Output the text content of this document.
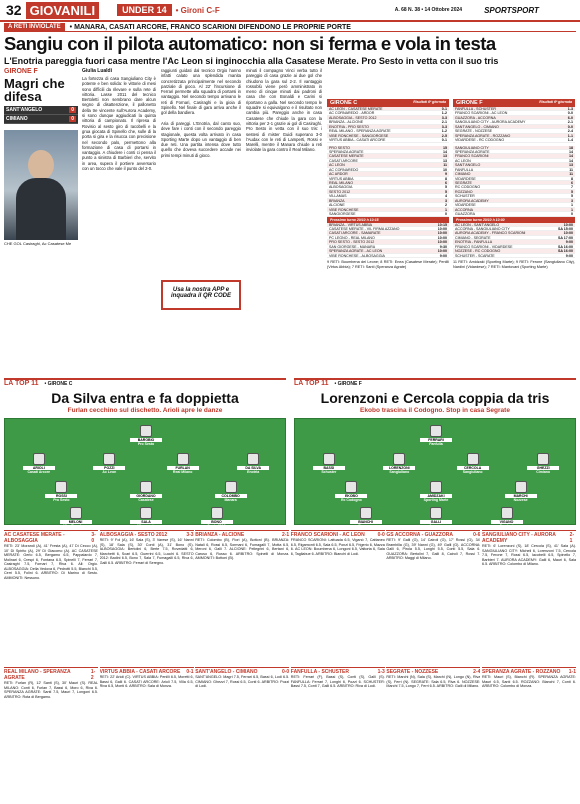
32 GIOVANILI	UNDER 14	• Gironi C-F	A. 68 N. 38 • 14 Ottobre 2024	SPORTSPORT
A RETI INVIOLATE	• MANARA, CASATI ARCORE, FRANCO SCARIONI DIFENDONO LE PROPRIE PORTE
Sangiu con il pilota automatico: non si ferma e vola in testa
L'Enotria pareggia fuori casa mentre l'Ac Leon si inginocchia alla Casatese Merate. Pro Sesto in vetta con il suo tris
GIRONE F
Magri che difesa
SANT'ANGELO	0
CIMIANO	0
CHE GOL Casiraghi, Ac Casatese Me
Giulia Lualdi
La fortezza di casa Sangiuliano City è potente e ben solida: le vittorie di mesi sono difficili da rilevare e sulla rete di vittoria. Lasse 2011 del tecnico Bertoletti non sembrano dare alcun segno di disattenzione, il pallonetto della tre vincente sull'Aurora Academy, si sono dunque aggiudicati la quinta vittoria di campionato. Il ripresa di Rovisio al sesto giro di Iacobelli e la grua giocata di Spinello che, sulle di la porta si gira e la risucca con precisione nel secondo palo, permettono alla formazione di casa di portarsi in vantaggio. A chiudere i conti ci pensa il punto a sinistra di Barbieri che, servito in area, supera il portiere avversario con un tocco che vale il punto del 2-0.
raggiunti guidati dal tecnico Orgio hanno infatti calato una splendida manita concretizzata principalmente nel secondo parziale di gioco. Al 22' l'incursione di Ferrari permette alla squadra di portarsi in vantaggio. Nel secondo tempo arrivano le reti di Fornari, Casiraghi e la gioia di Spinello. Nel finale di gara arriva anche il gol della bandiera.

Aria di pareggi. L'Enotria, dal canto suo, deve fare i conti con il secondo pareggio stagionale, questa volta arrivato in casa Sporting Marte dopo un vantaggio di ben due reti. Una partita intensa dove tutto quello che doveva succedere accade nei primi tempi minuti di gioco.
Usa la nostra APP e inquadra il QR CODE
minuti il compagno Vinci verba tutto il pareggio di casa grazie ai due gol che chiudono la gara sul 2-2. Il vantaggio rossoblù viene però amministrato in meno di cinque minuti dai padroni di casa che con Bonaldi e Carini si riportano a galla. Nel secondo tempo le squadre si equivalgono e il risultato non cambia più. Pareggio anche in casa Casatese che chiude la gara con la vittoria per 2-1 grazie ai gol di Casiraghi. Pro Sesto in vetta con il suo tris: i sestesi di mister Guidi superano 3-0 l'Audax con le reti di Lamperti, Rossi e Marelli, mentre il Manara chiude a reti inviolate la gara contro il Real Milano.
GIRONE C	Risultati 6ª giornata
AC LEON - CASATESE MERATE	0-1
AC CORNAREDO - ARDOR	1-2
ALBOSAGGIA - SESTO 2012	3-3
BRIANZA - ALCIONE	2-1
ENOTRIA - PRO SESTO	3-3
REAL MILANO - SPERANZA AGRATE	1-2
VIBE RONCHESE - SANGIORGESE	2-5
VIRTUS ABBIA - CASATI ARCORE	0-1
PRO SESTO	15
SPERANZA AGRATE	14
CASATESE MERATE	13
CASATI ARCORE	13
AC LEON	11
AC CORNAREDO	10
AC ARDOR	9
VIRTUS ABBIA	8
REAL MILANO	6
ALBOSAGGIA	5
SESTO 2012	5
VILLAMAS	4
BRIANZA	3
ALCIONE	2
VIBE RONCHESE	1
SANGIORGESE	0
Prossimo turno 20/10 h 10:15
BRIANZA - VIRTUS ABBIA	10:15
CASATESE MERATE - VIL FIRMA AZZANO	10:00
CASATI ARCORE - SAMARATE	10:00
PC LEGNO - REAL MILANO	10:00
PRO SESTO - SESTO 2012	10:00
SAN GIORGESE - MANARA	9:30
SPERANZA AGRATE - AC LEON	10:00
VIBE RONCHESE - ALBOSAGGIA	9:00
9 RETI: Boumbena del Leone; 8 RETI: Enea (Casatese Merate); Penilli (Virtus Abbia); 7 RETI: Santi (Speranza Agrate)
GIRONE F	Risultati 6ª giornata
FANFULLA - SCHUSTER	1-3
FRANCO SCARIONI - AC LEON	0-0
GUAZZORA - ACCORNA	6-0
SANGIULIANO CITY - AURORA ACADEMY	2-1
SANT'ANGELO - CIMIANO	0-0
SEGRATE - NOZZESE	2-4
SPERANZA AGRATE - ROZZANO	1-1
VIDARDESE - RC CODOGNO	1-4
SANGIULIANO CITY	18
SPERANZA AGRATE	14
FRANCO SCARIONI	14
AC LEON	14
SANT'ANGELO	13
FANFULLA	11
CIMIANO	11
VIDARDESE	8
SEGRATE	6
RC CODOGNO	7
ROZZANO	5
SCHUSTER	5
AURORA ACADEMY	3
VIDARDESE	1
ACCORNA	1
GUAZZORA	0
Prossimo turno 20/10 h 10:00
AC LEON - SANT'ANGELO	10:00
ACCORNA - SANGIULIANO CITY	SA 15:00
AURORA ACADEMY - FRANCO SCARIONI	10:00
CIMIANO - SEGRATE	SA 17:00
ENOTRIA - FANFULLA	9:00
FRANCO SCARIONI - VIDARDESE	SA 16:00
NOZZESE - RC CODOGNO	SA 16:00
SCHUSTER - SCARATE	9:00
11 RETI: Amidzaki (Sporting Marte); 9 RETI: Ferone (Sangiuliano City), Nardini (Vidardese); 7 RETI: Mantovani (Sporting Marte)
LA TOP 11 • GIRONE C
Da Silva entra e fa doppietta
Furlan cecchino sul dischetto. Arioli apre le danze
BAROBIO
Pro Sesto
ARIOLI
Casati Arcore
POZZI
Ac Leon
FURLAN
Real Milano
DA SILVA
Enotria
ROSSI
Pro Sesto
GIORDANO
Casatese
COLOMBO
Manara
MELONI
Vibe Ronchese
SALA
Albosaggia
BONO
Sesto 2012
LA TOP 11 • GIRONE F
Lorenzoni e Cercola coppia da tris
Ekobo trascina il Codogno. Stop in casa Segrate
FERRARI
Fanfulla
BASSI
Schuster
LORENZONI
Sangiuliano
CERCOLA
Sangiuliano
GHEZZI
Cimiano
EKOBO
Rc Codogno
AMIDZAKI
Sporting Marte
MARCHI
Nozzese
BIANCHI
Rozzano
GALLI
Accorna
VIGANO
Scarioni
AC CASATESE MERATE - ALBOSAGGIA
3-0
RETI: 23' Morandi (A), 41' Fresta (A), 47 Di Cecco (A), 10' Di Spirito (A), 29' Di Giacomo (A). AC CASATESE MERATE: Gerlo 6.5, Bergamo 6.5, Pappalardo 7, Molinari 6, Crespi 6, Fontana 6.5, Spinelli 7, Ferrari 7, Casiraghi 7.5, Fornari 7, Riva 6. All: Orgio. ALBOSAGGIA: Della Vedova 6, Pedrotti 5.5, Bianchi 5.5, Cerri 5.5, Folini 6. ARBITRO: Di Marino di Sesto. AMMONITI: Nessuno.
ALBOSAGGIA - SESTO 2012	3-3
RETI: 9' Fol (A), 16' Sala (S), 3' Varese (S), 16' Nanni (S), 18' Sala (S), 30' Conti (A), 31' Bono (S). ALBOSAGGIA: Bertolini 6, Berte 7.5, Rovedatti 6, Marchetti 6, Scari 6.5, Guerrini 6.5, Lucchi 6. SESTO 2012: Badini 6.5, Bono 7, Sala 7, Fumagalli 6.5, Riva 6, Galli 6.5. ARBITRO: Ferrari di Seregno.
BRIANZA - ALCIONE	2-1
RETI: Colombo (B), Fiori (A), Bottoni (B). BRIANZA: Natali 6, Rossi 6.5, Sormani 6, Fumagalli 7, Motta 6.5, Meroni 6, Galli 7. ALCIONE: Pellegrini 6, Bertani 6, Caruso 6, Russo 6. ARBITRO: Spinelli di Monza. AMMONITI: Bottoni (B).
FRANCO SCARIONI - AC LEON	0-0
FRANCO SCARIONI: Lattuada 6.5, Viganò 7, Cattaneo 6.5, Rigamonti 6.5, Sala 6.5, Ponzi 6.5, Frigerio 6, Mazza 6. AC LEON: Boumbena 6, Longoni 6.5, Valtorta 6, Sala 6, Tagliabue 6. ARBITRO: Bianchi di Lodi.
GS ACCORNA - GUAZZORA	0-6
RETI: 9' Galli (G), 14' Cairoli (G), 17' Rossi (G), 34' Brambilla (G), 39' Nanni (G), 49' Galli (G). ACCORNA: Galli 6, Pirola 5.5, Longhi 5.5, Conti 5.5, Sala 6. GUAZZORA: Bertolini 7, Galli 8, Cairoli 7, Rossi 7. ARBITRO: Maggi di Milano.
SANGIULIANO CITY - AURORA ACADEMY
2-1
RETI: 6' Lorenzoni (S), 18' Cercola (S), 41' Sala (A). SANGIULIANO CITY: Micheli 6, Lorenzoni 7.5, Cercola 7.5, Ferone 7, Rossi 6.5, Iacobelli 6.5, Spinello 7, Barbieri 7. AURORA ACADEMY: Galli 6, Mauri 6, Sala 6.5. ARBITRO: Colombo di Milano.
REAL MILANO - SPERANZA AGRATE
1-2
RETI: Furlan (R), 12' Santi (S), 30' Mauri (S). REAL MILANO: Conti 6, Furlan 7, Bassi 6, Moro 6, Riva 6. SPERANZA AGRATE: Santi 7.5, Mauri 7, Longoni 6.5. ARBITRO: Rota di Bergamo.
VIRTUS ABBIA - CASATI ARCORE 0-1
RETI: 22' Arioli (C). VIRTUS ABBIA: Penilli 6.5, Moretti 6, Bassi 6, Galli 6. CASATI ARCORE: Arioli 7.5, Villa 6.5, Riva 6.5, Monti 6. ARBITRO: Sala di Monza.
SANT'ANGELO - CIMIANO	0-0
SANT'ANGELO: Magri 7.5, Ferrari 6.5, Bassi 6, Lodi 6.5. CIMIANO: Ghezzi 7, Rossi 6.5, Conti 6. ARBITRO: Pozzi di Lodi.
FANFULLA - SCHUSTER	1-3
RETI: Ferrari (F), Bassi (S), Conti (S), Galli (S). FANFULLA: Ferrari 7, Longhi 6, Pozzi 6. SCHUSTER: Bassi 7.5, Conti 7, Galli 6.5. ARBITRO: Riva di Lodi.
SEGRATE - NOZZESE	2-4
RETI: Marchi (N), Sala (S), Marchi (N), Longo (N), Riva (S), Ferri (N). SEGRATE: Sala 6.5, Riva 6. NOZZESE: Marchi 7.5, Longo 7, Ferri 6.5. ARBITRO: Galli di Milano.
SPERANZA AGRATE - ROZZANO 1-1
RETI: Mauri (S), Bianchi (R). SPERANZA AGRATE: Mauri 6.5, Santi 6.5. ROZZANO: Bianchi 7, Conti 6. ARBITRO: Colombo di Monza.
